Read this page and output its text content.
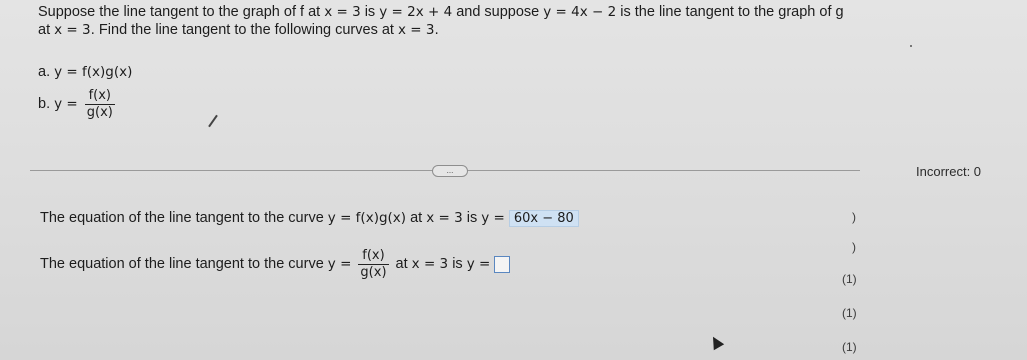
Suppose the line tangent to the graph of f at x = 3 is y = 2x + 4 and suppose y = 4x − 2 is the line tangent to the graph of g
at x = 3. Find the line tangent to the following curves at x = 3.
a. y = f(x)g(x)
b. $y = \frac{f(x)}{g(x)}$
...	Incorrect: 0
The equation of the line tangent to the curve y = f(x)g(x) at x = 3 is y = 60x − 80
The equation of the line tangent to the curve $y = \frac{f(x)}{g(x)}$ at x = 3 is y =
)
)
(1)
(1)
(1)
